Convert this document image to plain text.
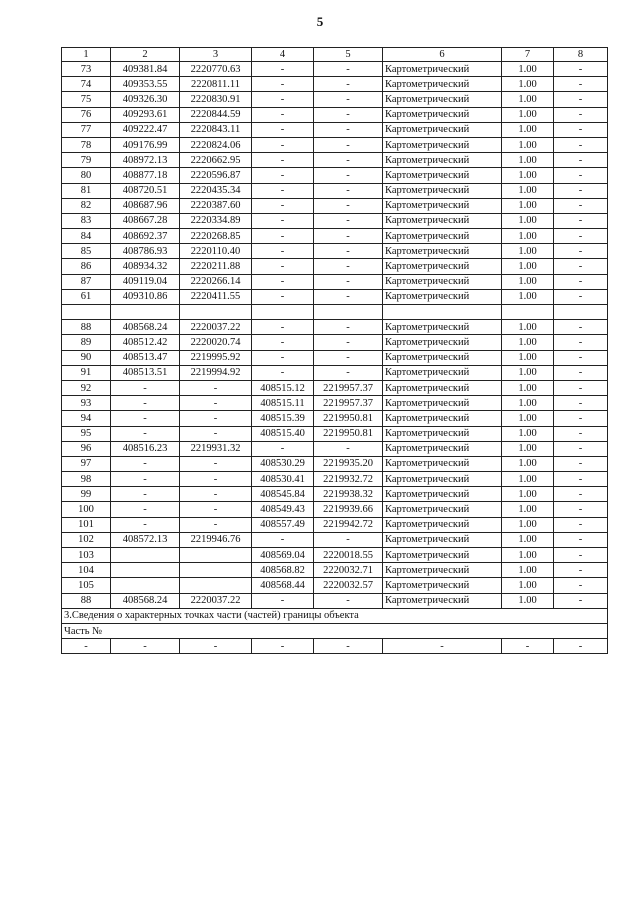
5
1	2	3	4	5	6	7	8
73	409381.84	2220770.63	-	-	Картометрический	1.00	-
74	409353.55	2220811.11	-	-	Картометрический	1.00	-
75	409326.30	2220830.91	-	-	Картометрический	1.00	-
76	409293.61	2220844.59	-	-	Картометрический	1.00	-
77	409222.47	2220843.11	-	-	Картометрический	1.00	-
78	409176.99	2220824.06	-	-	Картометрический	1.00	-
79	408972.13	2220662.95	-	-	Картометрический	1.00	-
80	408877.18	2220596.87	-	-	Картометрический	1.00	-
81	408720.51	2220435.34	-	-	Картометрический	1.00	-
82	408687.96	2220387.60	-	-	Картометрический	1.00	-
83	408667.28	2220334.89	-	-	Картометрический	1.00	-
84	408692.37	2220268.85	-	-	Картометрический	1.00	-
85	408786.93	2220110.40	-	-	Картометрический	1.00	-
86	408934.32	2220211.88	-	-	Картометрический	1.00	-
87	409119.04	2220266.14	-	-	Картометрический	1.00	-
61	409310.86	2220411.55	-	-	Картометрический	1.00	-

88	408568.24	2220037.22	-	-	Картометрический	1.00	-
89	408512.42	2220020.74	-	-	Картометрический	1.00	-
90	408513.47	2219995.92	-	-	Картометрический	1.00	-
91	408513.51	2219994.92	-	-	Картометрический	1.00	-
92	-	-	408515.12	2219957.37	Картометрический	1.00	-
93	-	-	408515.11	2219957.37	Картометрический	1.00	-
94	-	-	408515.39	2219950.81	Картометрический	1.00	-
95	-	-	408515.40	2219950.81	Картометрический	1.00	-
96	408516.23	2219931.32	-	-	Картометрический	1.00	-
97	-	-	408530.29	2219935.20	Картометрический	1.00	-
98	-	-	408530.41	2219932.72	Картометрический	1.00	-
99	-	-	408545.84	2219938.32	Картометрический	1.00	-
100	-	-	408549.43	2219939.66	Картометрический	1.00	-
101	-	-	408557.49	2219942.72	Картометрический	1.00	-
102	408572.13	2219946.76	-	-	Картометрический	1.00	-
103			408569.04	2220018.55	Картометрический	1.00	-
104			408568.82	2220032.71	Картометрический	1.00	-
105			408568.44	2220032.57	Картометрический	1.00	-
88	408568.24	2220037.22	-	-	Картометрический	1.00	-
3.Сведения о характерных точках части (частей) границы объекта							
Часть №							
-	-	-	-	-	-	-	-
